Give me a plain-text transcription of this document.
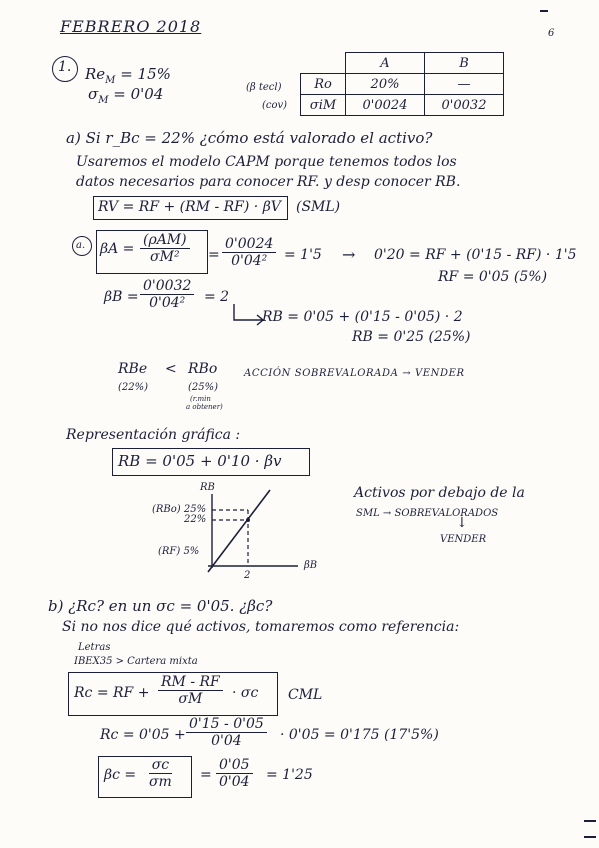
FEBRERO 2018	6
1. $Re_M = 15\%$
$\sigma_M = 0'04$	(β tecl)
(cov)
	A	B
Rο	20%	—
σiM	0'0024	0'0032
a) Si r_Bc = 22% ¿cómo está valorado el activo?
Usaremos el modelo CAPM porque tenemos todos los
datos necesarios para conocer RF. y desp conocer RB.
RV = RF + (RM - RF) · βV (SML)
a. βA =
(ρAM)
$\sigma M^2 = \frac{0'0024}{\text{0'04²}} = 1'5 \to 0'20$ = RF + (0'15 - RF) · 1'5
RF = 0'05 (5%)
$\beta B = \frac{0'0032}{\text{0'04²}} = 2$
RB = 0'05 + (0'15 - 0'05) · 2
RB = 0'25 (25%)
RBe < RBo
(22%)	(25%)
(r.min
a obtener)
ACCIÓN SOBREVALORADA → VENDER
Representación gráfica :
RB = 0'05 + 0'10 · βv
RB
(RBo) 25%
22%
(RF) 5%
2
βB
Activos por debajo de la
SML → SOBREVALORADOS
↓
VENDER
b) ¿Rc? en un σc = 0'05. ¿βc?
Si no nos dice qué activos, tomaremos como referencia:
Letras
IBEX35 > Cartera mixta
Rc = RF + $\frac{RM - RF}{\sigma M} \cdot \sigma c$ CML
$Rc = 0'05 + \frac{0'15 - 0'05}{0'04} \cdot 0'05 = 0'175$ (17'5%)
$\beta c = \frac{\sigma c}{\sigma m} = \frac{0'05}{0'04} = 1'25$
